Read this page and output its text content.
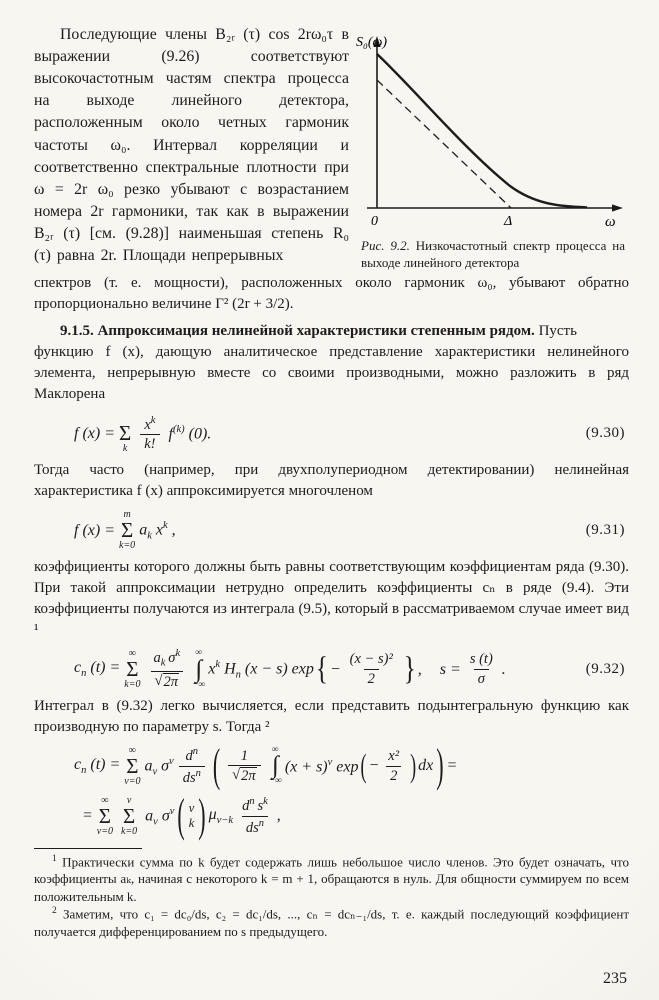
Последующие члены B₂ᵣ (τ) cos 2rω₀τ в выражении (9.26) соответствуют высокочастотным частям спектра процесса на выходе линейного детектора, расположенным около четных гармоник частоты ω₀. Интервал корреляции и соответственно спектральные плотности при ω = 2r ω₀ резко убывают с возрастанием номера 2r гармоники, так как в выражении B₂ᵣ (τ) [см. (9.28)] наименьшая степень R₀ (τ) равна 2r. Площади непрерывных

S₀(ω)
0	Δ	ω
Рис. 9.2. Низкочастотный спектр процесса на выходе линейного детектора

спектров (т. е. мощности), расположенных около гармоник ω₀, убывают обратно пропорционально величине Γ² (2r + 3/2).

9.1.5. Аппроксимация нелинейной характеристики степенным рядом. Пусть

функцию f (x), дающую аналитическое представление характеристики нелинейного элемента, непрерывную вместе со своими производными, можно разложить в ряд Маклорена

f (x) =
Σ
k $\frac{x^k}{k!} f^{(k)}$ (0).	(9.30)

Тогда часто (например, при двухполупериодном детектировании) нелинейная характеристика f (x) аппроксимируется многочленом

f (x) =
m
Σ
k=0
$a_k$ $x^k$ ,	(9.31)

коэффициенты которого должны быть равны соответствующим коэффициентам ряда (9.30). При такой аппроксимации нетрудно определить коэффициенты cₙ в ряде (9.4). Эти коэффициенты получаются из интеграла (9.5), который в рассматриваемом случае имеет вид ¹

$c_n$ (t) =
∞
Σ
$k=0 \frac{a_k \sigma^k}{√ 2\pi}$ ∞
∫
−∞
$x^k$ $H_n$ (x − s) exp { − $\frac{\text{(x − s)²}}{2}$ } , $s = \frac{s (t)}{\sigma}$ .	(9.32)

Интеграл в (9.32) легко вычисляется, если представить подынтегральную функцию как производную по параметру s. Тогда ²

$c_n$ (t) =
∞
Σ
ν=0
$a_\nu$ $\sigma^\nu \frac{d^n}{ds^n}$ ( $\frac{1}{√ 2\pi}$ ∞
∫
−∞
$(x + s)^\nu$ exp ( − $\frac{\text{x²}}{2}$ ) dx ) =
=
∞
Σ
ν=0
ν
Σ
k=0
$a_\nu$ $\sigma^\nu$ ( ν
k ) $\mu_{\nu-k} \frac{d^n s^k}{ds^n}$ ,

$^1$ Практически сумма по k будет содержать лишь небольшое число членов. Это будет означать, что коэффициенты aₖ, начиная с некоторого k = m + 1, обращаются в нуль. Для общности суммируем по всем положительным k.

$^2$ Заметим, что c₁ = dc₀/ds, c₂ = dc₁/ds, ..., cₙ = dcₙ₋₁/ds, т. е. каждый последующий коэффициент получается дифференцированием по s предыдущего.

235
